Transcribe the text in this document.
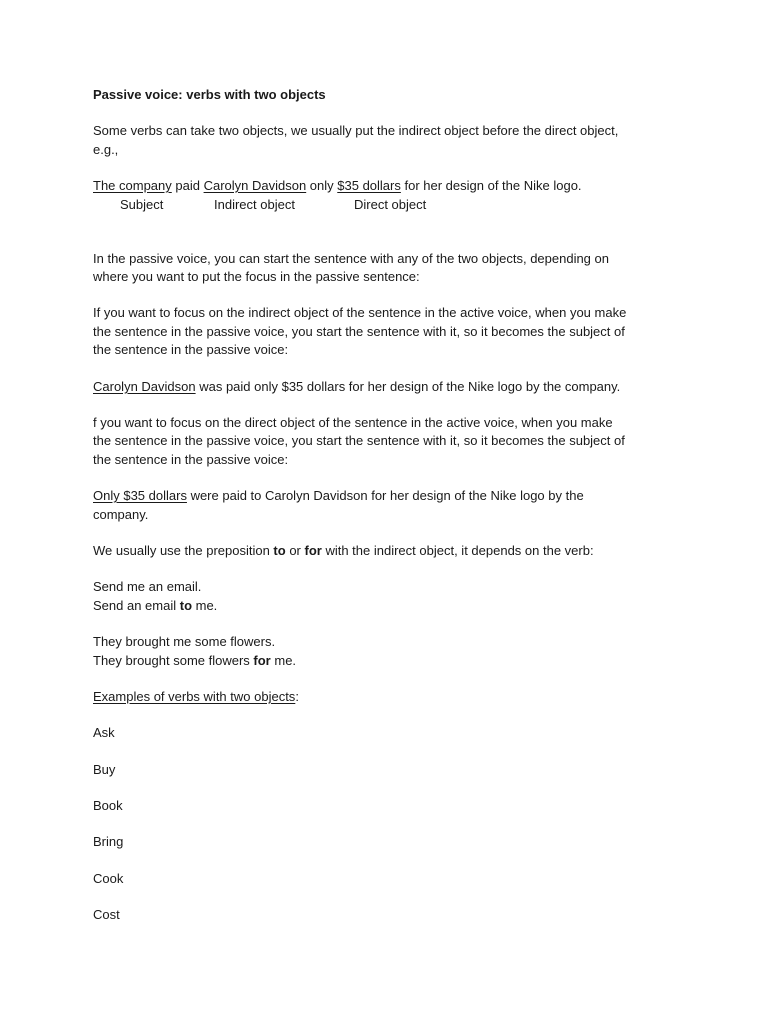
Passive voice: verbs with two objects

Some verbs can take two objects, we usually put the indirect object before the direct object,

e.g.,

The company paid Carolyn Davidson only $35 dollars for her design of the Nike logo.

Subject	Indirect object	Direct object

In the passive voice, you can start the sentence with any of the two objects, depending on

where you want to put the focus in the passive sentence:

If you want to focus on the indirect object of the sentence in the active voice, when you make

the sentence in the passive voice, you start the sentence with it, so it becomes the subject of

the sentence in the passive voice:

Carolyn Davidson was paid only $35 dollars for her design of the Nike logo by the company.

f you want to focus on the direct object of the sentence in the active voice, when you make

the sentence in the passive voice, you start the sentence with it, so it becomes the subject of

the sentence in the passive voice:

Only $35 dollars were paid to Carolyn Davidson for her design of the Nike logo by the

company.

We usually use the preposition to or for with the indirect object, it depends on the verb:

Send me an email.

Send an email to me.

They brought me some flowers.

They brought some flowers for me.

Examples of verbs with two objects:

Ask

Buy

Book

Bring

Cook

Cost
